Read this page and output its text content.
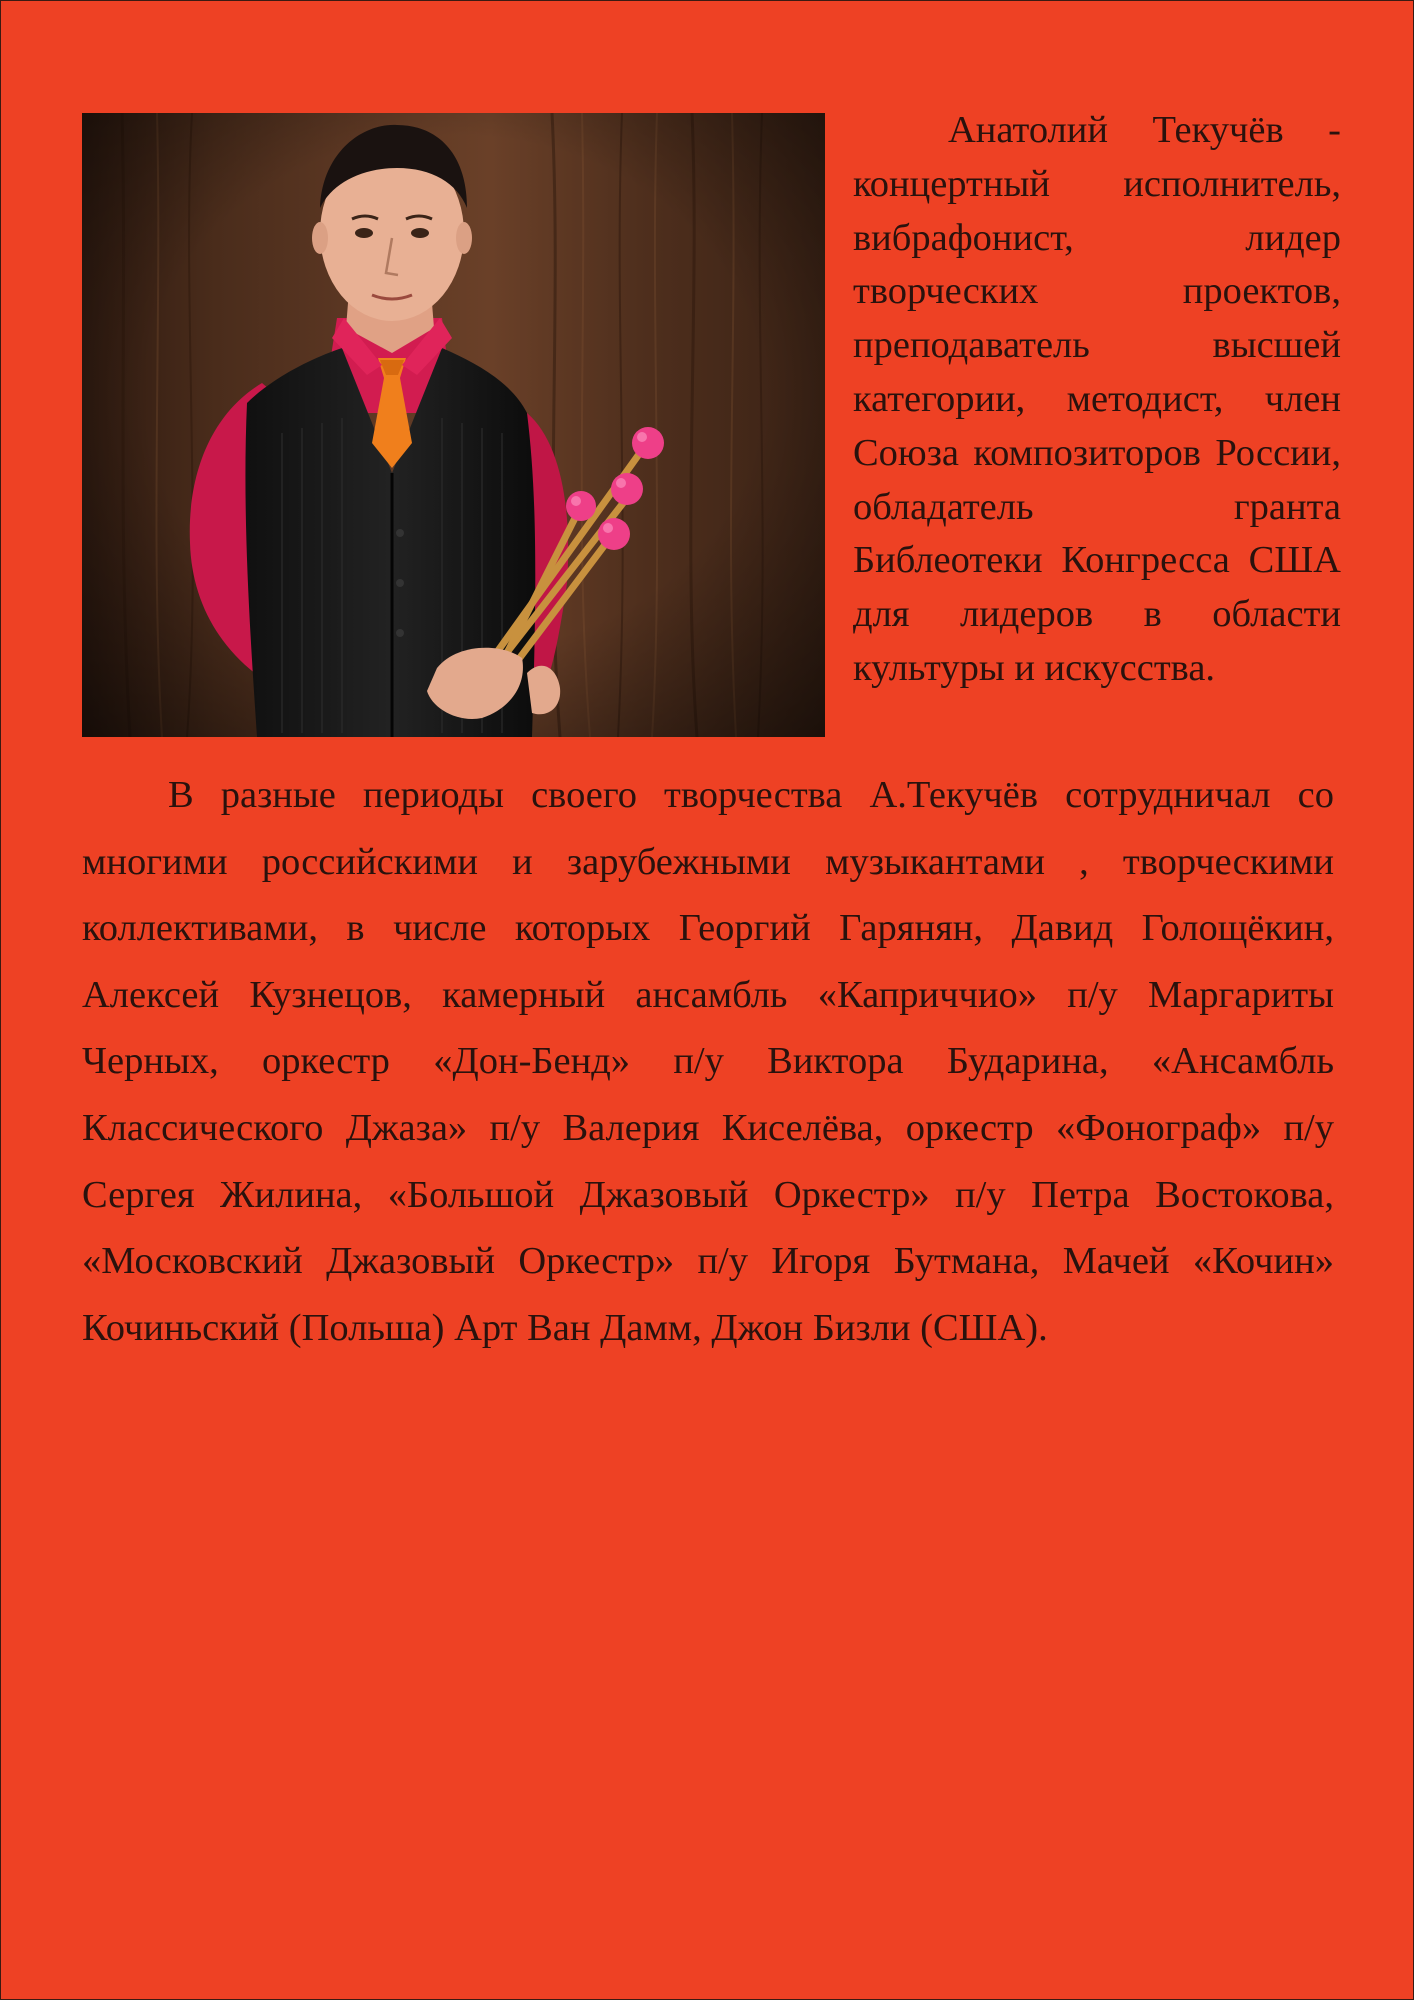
Анатолий Текучёв - концертный исполнитель, вибрафонист, лидер творческих проектов, преподаватель высшей категории, методист, член Союза композиторов России, обладатель гранта Библеотеки Конгресса США для лидеров в области культуры и искусства.

В разные периоды своего творчества А.Текучёв сотрудничал со многими российскими и зарубежными музыкантами , творческими коллективами, в числе которых Георгий Гарянян, Давид Голощёкин, Алексей Кузнецов, камерный ансамбль «Каприччио» п/у Маргариты Черных, оркестр «Дон-Бенд» п/у Виктора Бударина, «Ансамбль Классического Джаза» п/у Валерия Киселёва, оркестр «Фонограф» п/у Сергея Жилина, «Большой Джазовый Оркестр» п/у Петра Востокова, «Московский Джазовый Оркестр» п/у Игоря Бутмана, Мачей «Кочин» Кочиньский (Польша) Арт Ван Дамм, Джон Бизли (США).
